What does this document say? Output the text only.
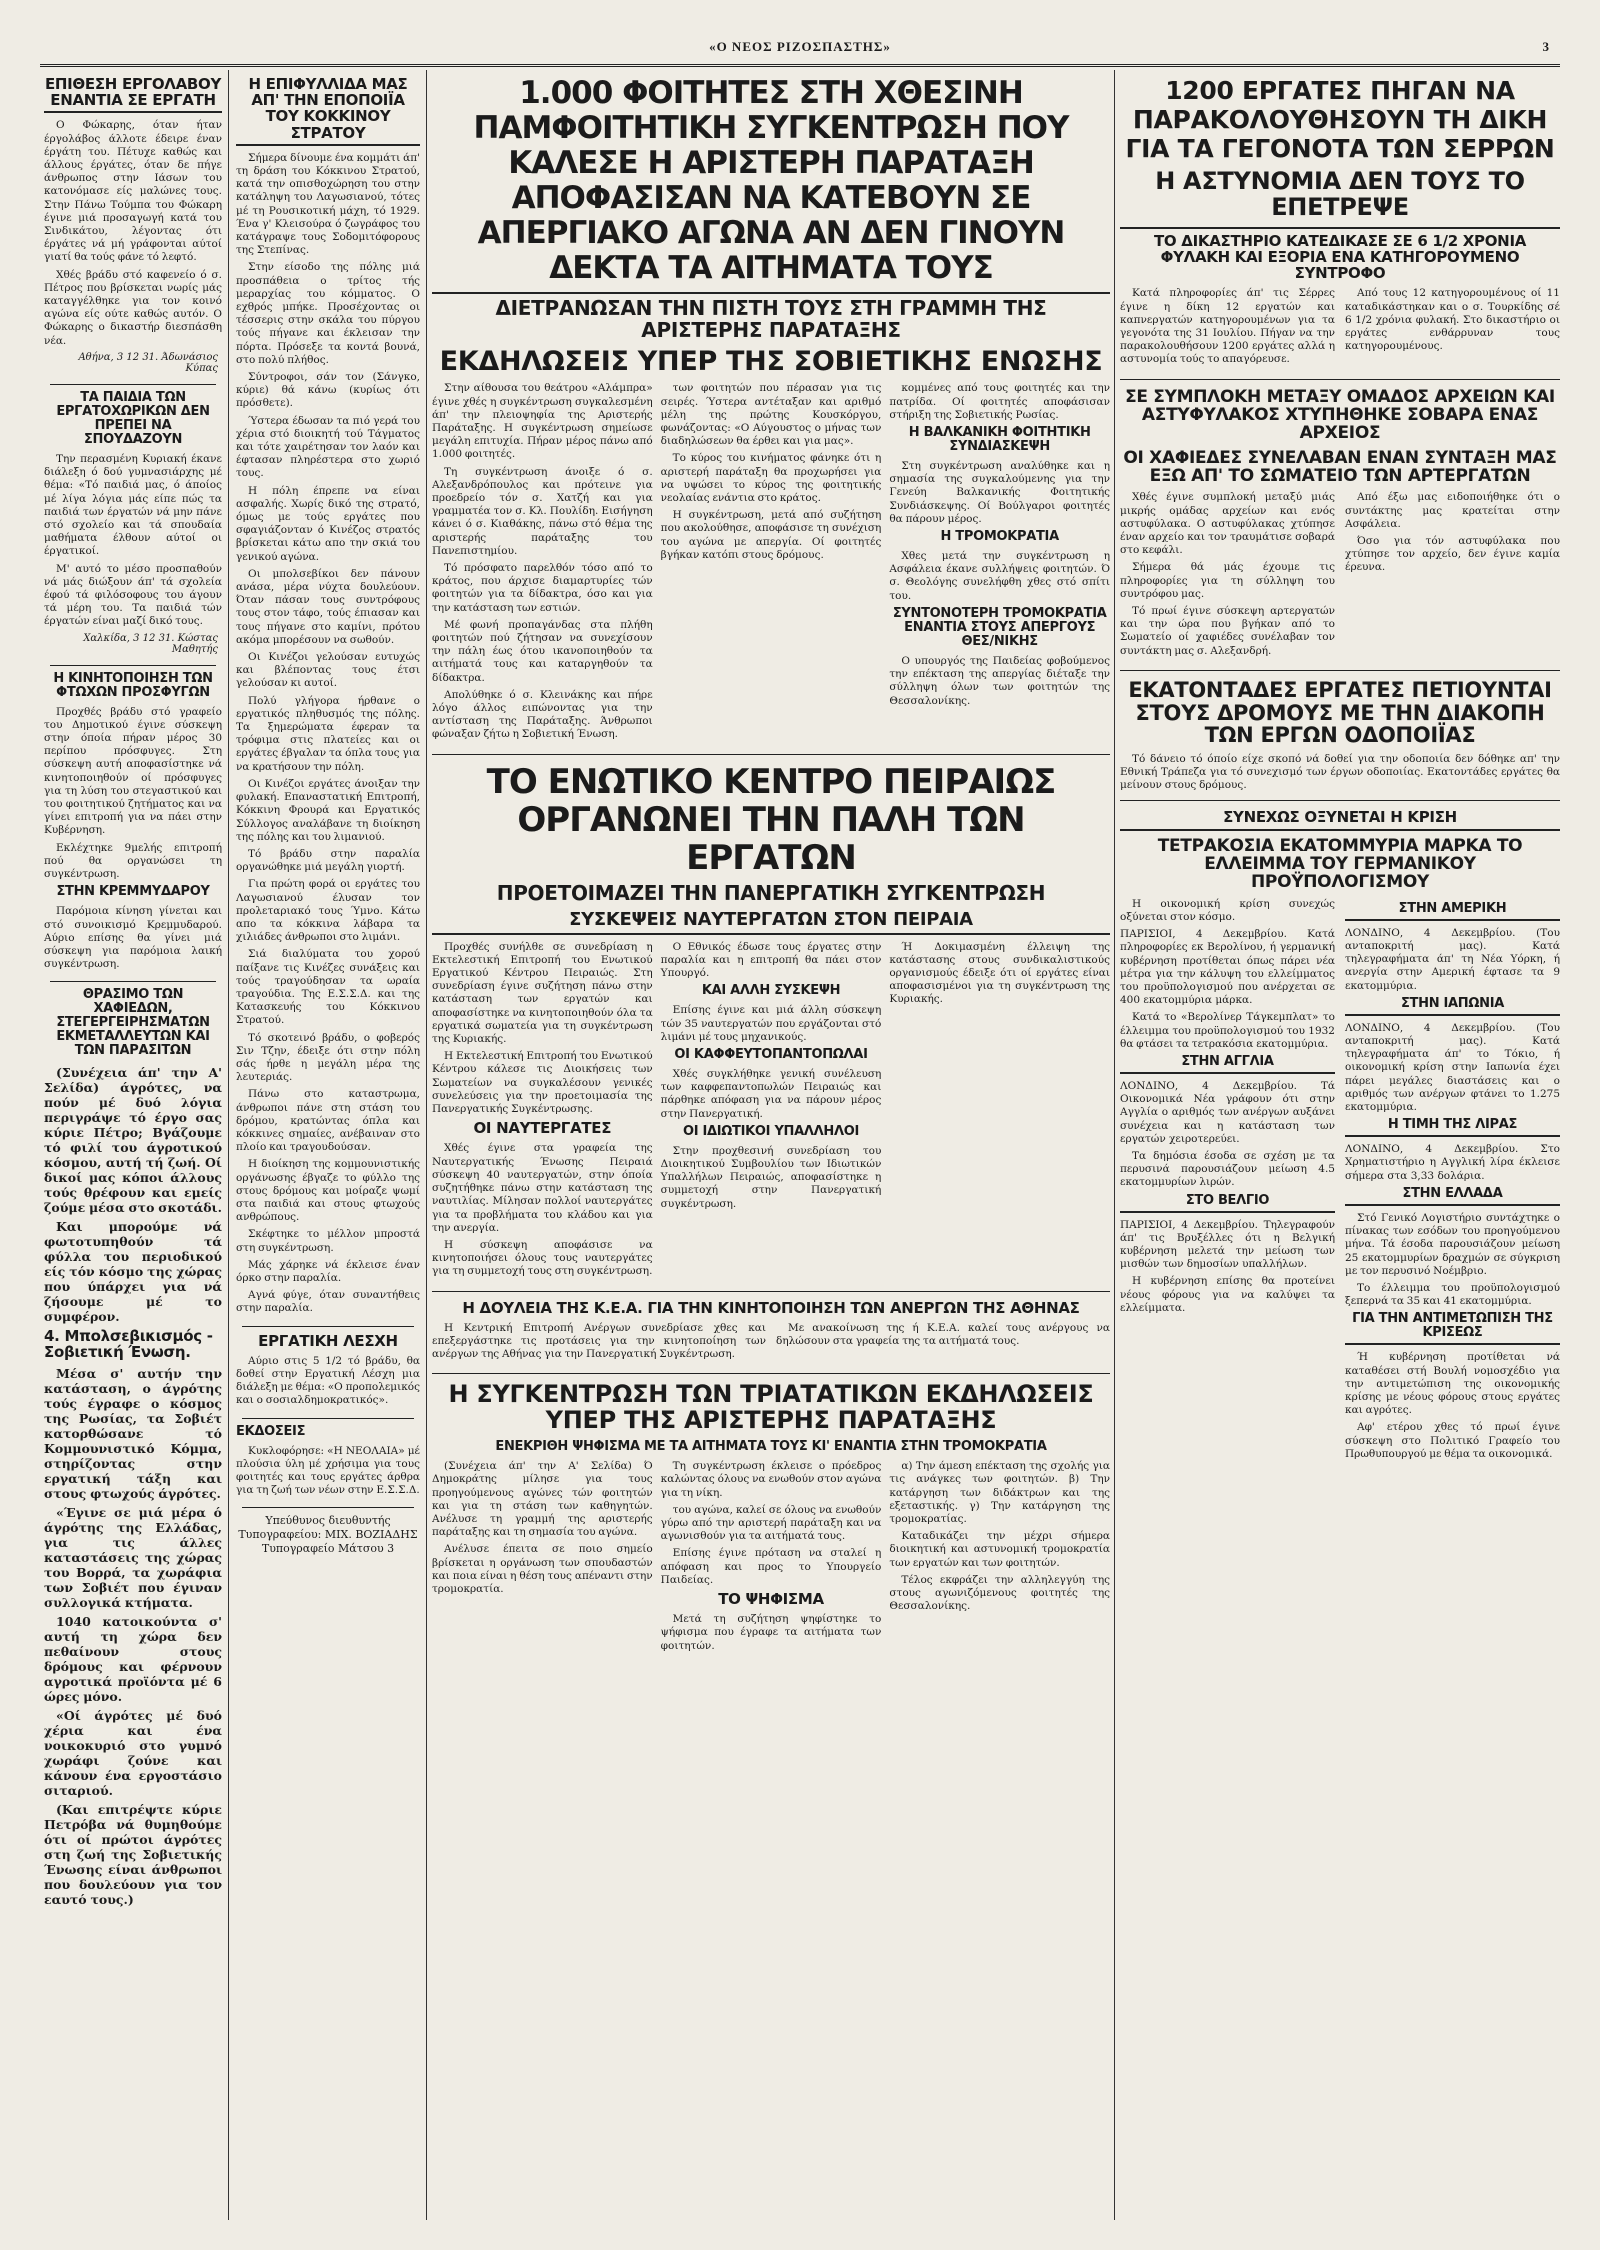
«Ο ΝΕΟΣ ΡΙΖΟΣΠΑΣΤΗΣ»	3
ΕΠΙΘΕΣΗ ΕΡΓΟΛΑΒΟΥ ΕΝΑΝΤΙΑ ΣΕ ΕΡΓΑΤΗ

Ο Φώκαρης, όταν ήταν έργολάβος άλλοτε έδειρε έναν έργάτη του. Πέτυχε καθώς και άλλους έργάτες, όταν δε πήγε άνθρωπος στην Ιάσων του κατονόμασε είς μαλώνες τους. Στην Πάνω Τούμπα του Φώκαρη έγινε μιά προσαγωγή κατά του Σινδικάτου, λέγοντας ότι έργάτες νά μή γράφονται αύτοί γιατί θα τούς φάνε τό λεφτό.

Χθές βράδυ στό καφενείο ό σ. Πέτρος που βρίσκεται νωρίς μάς καταγγέλθηκε για τον κοινό αγώνα είς ούτε καθώς αυτόν. Ο Φώκαρης ο δικαστήρ διεσπάσθη νέα.

Αθήνα, 3 12 31. Άδωνάσιος Κύπας
ΤΑ ΠΑΙΔΙΑ ΤΩΝ ΕΡΓΑΤΟΧΩΡΙΚΩΝ ΔΕΝ ΠΡΕΠΕΙ ΝΑ ΣΠΟΥΔΑΖΟΥΝ

Την περασμένη Κυριακή έκανε διάλεξη ό δού γυμνασιάρχης μέ θέμα: «Τό παιδιά μας, ό άποίος μέ λίγα λόγια μάς είπε πώς τα παιδιά των έργατών νά μην πάνε στό σχολείο και τά σπουδαία μαθήματα έλθουν αύτοί οι έργατικοί.

Μ' αυτό το μέσο προσπαθούν νά μάς διώξουν άπ' τά σχολεία έφού τά φιλόσοφους του άγουν τά μέρη του. Τα παιδιά τών έργατών είναι μαζί δικό τους.

Χαλκίδα, 3 12 31. Κώστας Μαθητής
Η ΚΙΝΗΤΟΠΟΙΗΣΗ ΤΩΝ ΦΤΩΧΩΝ ΠΡΟΣΦΥΓΩΝ

Προχθές βράδυ στό γραφείο του Δημοτικού έγινε σύσκεψη στην όποία πήραν μέρος 30 περίπου πρόσφυγες. Στη σύσκεψη αυτή αποφασίστηκε νά κινητοποιηθούν οί πρόσφυγες για τη λύση του στεγαστικού και του φοιτητικού ζητήματος και να γίνει επιτροπή για να πάει στην Κυβέρνηση.

Εκλέχτηκε 9μελής επιτροπή πού θα οργανώσει τη συγκέντρωση.

ΣΤΗΝ ΚΡΕΜΜΥΔΑΡΟΥ

Παρόμοια κίνηση γίνεται και στό συνοικισμό Κρεμμυδαρού. Αύριο επίσης θα γίνει μιά σύσκεψη για παρόμοια λαική συγκέντρωση.

ΘΡΑΣΙΜΟ ΤΩΝ ΧΑΦΙΕΔΩΝ, ΣΤΕΓΕΡΓΕΙΡΗΣΜΑΤΩΝ ΕΚΜΕΤΑΛΛΕΥΤΩΝ ΚΑΙ ΤΩΝ ΠΑΡΑΣΙΤΩΝ

(Συνέχεια άπ' την Α' Σελίδα) άγρότες, να πούν μέ δυό λόγια περιγράψε τό έργο σας κύριε Πέτρο; Βγάζουμε τό φιλί του άγροτικού κόσμου, αυτή τή ζωή. Οί δικοί μας κόποι άλλους τούς θρέφουν και εμείς ζούμε μέσα στο σκοτάδι.

Και μπορούμε νά φωτοτυπηθούν τά φύλλα του περιοδικού είς τόν κόσμο της χώρας που ύπάρχει για νά ζήσουμε μέ το συμφέρον.

4. Μπολσεβικισμός - Σοβιετική Ένωση.

Μέσα σ' αυτήν την κατάσταση, ο άγρότης τούς έγραφε ο κόσμος της Ρωσίας, τα Σοβιέτ κατορθώσανε τό Κομμουνιστικό Κόμμα, στηρίζοντας στην εργατική τάξη και στους φτωχούς άγρότες.

«Έγινε σε μιά μέρα ό άγρότης της Ελλάδας, για τις άλλες καταστάσεις της χώρας του Βορρά, τα χωράφια των Σοβιέτ που έγιναν συλλογικά κτήματα.

1040 κατοικούντα σ' αυτή τη χώρα δεν πεθαίνουν στους δρόμους και φέρνουν αγροτικά προϊόντα μέ 6 ώρες μόνο.

«Οί άγρότες μέ δυό χέρια και ένα νοικοκυριό στο γυμνό χωράφι ζούνε και κάνουν ένα εργοστάσιο σιταριού.

(Και επιτρέψτε κύριε Πετρόβα νά θυμηθούμε ότι οί πρώτοι άγρότες στη ζωή της Σοβιετικής Ένωσης είναι άνθρωποι που δουλεύουν για τον εαυτό τους.)

Η ΕΠΙΦΥΛΛΙΔΑ ΜΑΣ ΑΠ' ΤΗΝ ΕΠΟΠΟΙΪΑ ΤΟΥ ΚΟΚΚΙΝΟΥ ΣΤΡΑΤΟΥ

Σήμερα δίνουμε ένα κομμάτι άπ' τη δράση του Κόκκινου Στρατού, κατά την οπισθοχώρηση του στην κατάληψη του Λαγωσιανού, τότες μέ τη Ρουσικοτική μάχη, τό 1929. Ένα γ' Κλεισούρα ό ζωγράφος του κατάγραψε τους Σοδομιτόφορους της Στεπίνας.

Στην είσοδο της πόλης μιά προσπάθεια ο τρίτος τής μεραρχίας του κόμματος. Ο εχθρός μπήκε. Προσέχοντας οι τέσσερις στην σκάλα του πύργου τούς πήγανε και έκλεισαν την πόρτα. Πρόσεξε τα κοντά βουνά, στο πολύ πλήθος.

Σύντροφοι, σάν τον (Σάνγκο, κύριε) θά κάνω (κυρίως ότι πρόσθετε).

Ύστερα έδωσαν τα πιό γερά του χέρια στό διοικητή τού Τάγματος και τότε χαιρέτησαν τον λαόν και έφτασαν πληρέστερα στο χωριό τους.

Η πόλη έπρεπε να είναι ασφαλής. Χωρίς δικό της στρατό, όμως με τούς εργάτες που σφαγιάζονταν ό Κινέζος στρατός βρίσκεται κάτω απο την σκιά του γενικού αγώνα.

Οι μπολσεβίκοι δεν πάνουν ανάσα, μέρα νύχτα δουλεύουν. Όταν πάσαν τους συντρόφους τους στον τάφο, τούς έπιασαν και τους πήγανε στο καμίνι, πρότου ακόμα μπορέσουν να σωθούν.

Οι Κινέζοι γελούσαν ευτυχώς και βλέποντας τους έτσι γελούσαν κι αυτοί.

Πολύ γλήγορα ήρθανε ο εργατικός πληθυσμός της πόλης. Τα ξημερώματα έφεραν τα τρόφιμα στις πλατείες και οι εργάτες έβγαλαν τα όπλα τους για να κρατήσουν την πόλη.

Οι Κινέζοι εργάτες άνοιξαν την φυλακή. Επαναστατική Επιτροπή, Κόκκινη Φρουρά και Εργατικός Σύλλογος αναλάβανε τη διοίκηση της πόλης και του λιμανιού.

Τό βράδυ στην παραλία οργανώθηκε μιά μεγάλη γιορτή.

Για πρώτη φορά οι εργάτες του Λαγωσιανού έλυσαν τον προλεταριακό τους Ύμνο. Κάτω απο τα κόκκινα λάβαρα τα χιλιάδες άνθρωποι στο λιμάνι.

Σιά διαλύματα του χορού παίξανε τις Κινέζες συνάξεις και τούς τραγούδησαν τα ωραία τραγούδια. Της Ε.Σ.Σ.Δ. και της Κατασκευής του Κόκκινου Στρατού.

Τό σκοτεινό βράδυ, ο φοβερός Σιν Τζην, έδειξε ότι στην πόλη σάς ήρθε η μεγάλη μέρα της λευτεριάς.

Πάνω στο καταστρωμα, άνθρωποι πάνε στη στάση του δρόμου, κρατώντας όπλα και κόκκινες σημαίες, ανέβαιναν στο πλοίο και τραγουδούσαν.

Η διοίκηση της κομμουνιστικής οργάνωσης έβγαζε το φύλλο της στους δρόμους και μοίραζε ψωμί στα παιδιά και στους φτωχούς ανθρώπους.

Σκέφτηκε το μέλλον μπροστά στη συγκέντρωση.

Μάς χάρηκε νά έκλεισε έναν όρκο στην παραλία.

Αγνά φύγε, όταν συναντήθεις στην παραλία.

ΕΡΓΑΤΙΚΗ ΛΕΣΧΗ

Αύριο στις 5 1/2 τό βράδυ, θα δοθεί στην Εργατική Λέσχη μια διάλεξη με θέμα: «Ο προπολεμικός και ο σοσιαλδημοκρατικός».

ΕΚΔΟΣΕΙΣ

Κυκλοφόρησε: «Η ΝΕΟΛΑΙΑ» μέ πλούσια ύλη μέ χρήσιμα για τους φοιτητές και τους εργάτες άρθρα για τη ζωή των νέων στην Ε.Σ.Σ.Δ.

Υπεύθυνος διευθυντής Τυπογραφείου: ΜΙΧ. ΒΟΖΙΑΔΗΣ
Τυπογραφείο Μάτσου 3
1.000 ΦΟΙΤΗΤΕΣ ΣΤΗ ΧΘΕΣΙΝΗ ΠΑΜΦΟΙΤΗΤΙΚΗ ΣΥΓΚΕΝΤΡΩΣΗ ΠΟΥ ΚΑΛΕΣΕ Η ΑΡΙΣΤΕΡΗ ΠΑΡΑΤΑΞΗ ΑΠΟΦΑΣΙΣΑΝ ΝΑ ΚΑΤΕΒΟΥΝ ΣΕ ΑΠΕΡΓΙΑΚΟ ΑΓΩΝΑ ΑΝ ΔΕΝ ΓΙΝΟΥΝ ΔΕΚΤΑ ΤΑ ΑΙΤΗΜΑΤΑ ΤΟΥΣ
ΔΙΕΤΡΑΝΩΣΑΝ ΤΗΝ ΠΙΣΤΗ ΤΟΥΣ ΣΤΗ ΓΡΑΜΜΗ ΤΗΣ ΑΡΙΣΤΕΡΗΣ ΠΑΡΑΤΑΞΗΣ
ΕΚΔΗΛΩΣΕΙΣ ΥΠΕΡ ΤΗΣ ΣΟΒΙΕΤΙΚΗΣ ΕΝΩΣΗΣ

Στην αίθουσα του θεάτρου «Αλάμπρα» έγινε χθές η συγκέντρωση συγκαλεσμένη άπ' την πλειοψηφία της Αριστερής Παράταξης. Η συγκέντρωση σημείωσε μεγάλη επιτυχία. Πήραν μέρος πάνω από 1.000 φοιτητές.

Τη συγκέντρωση άνοιξε ό σ. Αλεξανδρόπουλος και πρότεινε για προεδρείο τόν σ. Χατζή και για γραμματέα τον σ. Κλ. Πουλίδη. Εισήγηση κάνει ό σ. Κιαθάκης, πάνω στό θέμα της αριστερής παράταξης του Πανεπιστημίου.

Τό πρόσφατο παρελθόν τόσο από το κράτος, που άρχισε διαμαρτυρίες τών φοιτητών για τα δίδακτρα, όσο και για την κατάσταση των εστιών.

Μέ φωνή προπαγάνδας στα πλήθη φοιτητών πού ζήτησαν να συνεχίσουν την πάλη έως ότου ικανοποιηθούν τα αιτήματά τους και καταργηθούν τα δίδακτρα.

Απολύθηκε ό σ. Κλεινάκης και πήρε λόγο άλλος ειπώνοντας για την αντίσταση της Παράταξης. Άνθρωποι φώναξαν ζήτω η Σοβιετική Ένωση.

των φοιτητών που πέρασαν για τις σειρές. Ύστερα αντέταξαν και αριθμό μέλη της πρώτης Κουσκόργου, φωνάζοντας: «Ο Αύγουστος ο μήνας των διαδηλώσεων θα έρθει και για μας».

Το κύρος του κινήματος φάνηκε ότι η αριστερή παράταξη θα προχωρήσει για να υψώσει το κύρος της φοιτητικής νεολαίας ενάντια στο κράτος.

Η συγκέντρωση, μετά από συζήτηση που ακολούθησε, αποφάσισε τη συνέχιση του αγώνα με απεργία. Οί φοιτητές βγήκαν κατόπι στους δρόμους.

κομμένες από τους φοιτητές και την πατρίδα. Οί φοιτητές αποφάσισαν στήριξη της Σοβιετικής Ρωσίας.

Η ΒΑΛΚΑΝΙΚΗ ΦΟΙΤΗΤΙΚΗ ΣΥΝΔΙΑΣΚΕΨΗ

Στη συγκέντρωση αναλύθηκε και η σημασία της συγκαλούμενης για την Γενεύη Βαλκανικής Φοιτητικής Συνδιάσκεψης. Οί Βούλγαροι φοιτητές θα πάρουν μέρος.

Η ΤΡΟΜΟΚΡΑΤΙΑ

Χθες μετά την συγκέντρωση η Ασφάλεια έκανε συλλήψεις φοιτητών. Ό σ. Θεολόγης συνελήφθη χθες στό σπίτι του.

ΣΥΝΤΟΝΟΤΕΡΗ ΤΡΟΜΟΚΡΑΤΙΑ ΕΝΑΝΤΙΑ ΣΤΟΥΣ ΑΠΕΡΓΟΥΣ ΘΕΣ/ΝΙΚΗΣ

Ο υπουργός της Παιδείας φοβούμενος την επέκταση της απεργίας διέταξε την σύλληψη όλων των φοιτητών της Θεσσαλονίκης.

ΤΟ ΕΝΩΤΙΚΟ ΚΕΝΤΡΟ ΠΕΙΡΑΙΩΣ ΟΡΓΑΝΩΝΕΙ ΤΗΝ ΠΑΛΗ ΤΩΝ ΕΡΓΑΤΩΝ
ΠΡΟΕΤΟΙΜΑΖΕΙ ΤΗΝ ΠΑΝΕΡΓΑΤΙΚΗ ΣΥΓΚΕΝΤΡΩΣΗ
ΣΥΣΚΕΨΕΙΣ ΝΑΥΤΕΡΓΑΤΩΝ ΣΤΟΝ ΠΕΙΡΑΙΑ

Προχθές συνήλθε σε συνεδρίαση η Εκτελεστική Επιτροπή του Ενωτικού Εργατικού Κέντρου Πειραιώς. Στη συνεδρίαση έγινε συζήτηση πάνω στην κατάσταση των εργατών και αποφασίστηκε να κινητοποιηθούν όλα τα εργατικά σωματεία για τη συγκέντρωση της Κυριακής.

Η Εκτελεστική Επιτροπή του Ενωτικού Κέντρου κάλεσε τις Διοικήσεις των Σωματείων να συγκαλέσουν γενικές συνελεύσεις για την προετοιμασία της Πανεργατικής Συγκέντρωσης.

ΟΙ ΝΑΥΤΕΡΓΑΤΕΣ

Χθές έγινε στα γραφεία της Ναυτεργατικής Ένωσης Πειραιά σύσκεψη 40 ναυτεργατών, στην όποία συζητήθηκε πάνω στην κατάσταση της ναυτιλίας. Μίλησαν πολλοί ναυτεργάτες για τα προβλήματα του κλάδου και για την ανεργία.

Η σύσκεψη αποφάσισε να κινητοποιήσει όλους τους ναυτεργάτες για τη συμμετοχή τους στη συγκέντρωση.

Ο Εθνικός έδωσε τους έργατες στην παραλία και η επιτροπή θα πάει στον Υπουργό.

ΚΑΙ ΑΛΛΗ ΣΥΣΚΕΨΗ

Επίσης έγινε και μιά άλλη σύσκεψη τών 35 ναυτεργατών που εργάζονται στό λιμάνι μέ τους μηχανικούς.

ΟΙ ΚΑΦΦΕΥΤΟΠΑΝΤΟΠΩΛΑΙ

Χθές συγκλήθηκε γενική συνέλευση των καφφεπαντοπωλών Πειραιώς και πάρθηκε απόφαση για να πάρουν μέρος στην Πανεργατική.

ΟΙ ΙΔΙΩΤΙΚΟΙ ΥΠΑΛΛΗΛΟΙ

Στην προχθεσινή συνεδρίαση του Διοικητικού Συμβουλίου των Ιδιωτικών Υπαλλήλων Πειραιώς, αποφασίστηκε η συμμετοχή στην Πανεργατική συγκέντρωση.

Ή Δοκιμασμένη έλλειψη της κατάστασης στους συνδικαλιστικούς οργανισμούς έδειξε ότι οί εργάτες είναι αποφασισμένοι για τη συγκέντρωση της Κυριακής.

Η ΔΟΥΛΕΙΑ ΤΗΣ Κ.Ε.Α. ΓΙΑ ΤΗΝ ΚΙΝΗΤΟΠΟΙΗΣΗ ΤΩΝ ΑΝΕΡΓΩΝ ΤΗΣ ΑΘΗΝΑΣ

Η Κεντρική Επιτροπή Ανέργων συνεδρίασε χθες και επεξεργάστηκε τις προτάσεις για την κινητοποίηση των ανέργων της Αθήνας για την Πανεργατική Συγκέντρωση.

Με ανακοίνωση της ή Κ.Ε.Α. καλεί τους ανέργους να δηλώσουν στα γραφεία της τα αιτήματά τους.

Η ΣΥΓΚΕΝΤΡΩΣΗ ΤΩΝ ΤΡΙΑΤΑΤΙΚΩΝ ΕΚΔΗΛΩΣΕΙΣ ΥΠΕΡ ΤΗΣ ΑΡΙΣΤΕΡΗΣ ΠΑΡΑΤΑΞΗΣ
ΕΝΕΚΡΙΘΗ ΨΗΦΙΣΜΑ ΜΕ ΤΑ ΑΙΤΗΜΑΤΑ ΤΟΥΣ ΚΙ' ΕΝΑΝΤΙΑ ΣΤΗΝ ΤΡΟΜΟΚΡΑΤΙΑ

(Συνέχεια άπ' την Α' Σελίδα) Ό Δημοκράτης μίλησε για τους προηγούμενους αγώνες τών φοιτητών και για τη στάση των καθηγητών. Ανέλυσε τη γραμμή της αριστερής παράταξης και τη σημασία του αγώνα.

Ανέλυσε έπειτα σε ποιο σημείο βρίσκεται η οργάνωση των σπουδαστών και ποια είναι η θέση τους απέναντι στην τρομοκρατία.

Τη συγκέντρωση έκλεισε ο πρόεδρος καλώντας όλους να ενωθούν στον αγώνα για τη νίκη.

του αγώνα, καλεί σε όλους να ενωθούν γύρω από την αριστερή παράταξη και να αγωνισθούν για τα αιτήματά τους.

Επίσης έγινε πρόταση να σταλεί η απόφαση και προς το Υπουργείο Παιδείας.

ΤΟ ΨΗΦΙΣΜΑ

Μετά τη συζήτηση ψηφίστηκε το ψήφισμα που έγραφε τα αιτήματα των φοιτητών.

α) Την άμεση επέκταση της σχολής για τις ανάγκες των φοιτητών. β) Την κατάργηση των διδάκτρων και της εξεταστικής. γ) Την κατάργηση της τρομοκρατίας.

Καταδικάζει την μέχρι σήμερα διοικητική και αστυνομική τρομοκρατία των εργατών και των φοιτητών.

Τέλος εκφράζει την αλληλεγγύη της στους αγωνιζόμενους φοιτητές της Θεσσαλονίκης.

1200 ΕΡΓΑΤΕΣ ΠΗΓΑΝ ΝΑ ΠΑΡΑΚΟΛΟΥΘΗΣΟΥΝ ΤΗ ΔΙΚΗ ΓΙΑ ΤΑ ΓΕΓΟΝΟΤΑ ΤΩΝ ΣΕΡΡΩΝ
Η ΑΣΤΥΝΟΜΙΑ ΔΕΝ ΤΟΥΣ ΤΟ ΕΠΕΤΡΕΨΕ
ΤΟ ΔΙΚΑΣΤΗΡΙΟ ΚΑΤΕΔΙΚΑΣΕ ΣΕ 6 1/2 ΧΡΟΝΙΑ ΦΥΛΑΚΗ ΚΑΙ ΕΞΟΡΙΑ ΕΝΑ ΚΑΤΗΓΟΡΟΥΜΕΝΟ ΣΥΝΤΡΟΦΟ

Κατά πληροφορίες άπ' τις Σέρρες έγινε η δίκη 12 εργατών και καπνεργατών κατηγορουμένων για τα γεγονότα της 31 Ιουλίου. Πήγαν να την παρακολουθήσουν 1200 εργάτες αλλά η αστυνομία τούς το απαγόρευσε.

Από τους 12 κατηγορουμένους οί 11 καταδικάστηκαν και ο σ. Τουρκίδης σέ 6 1/2 χρόνια φυλακή. Στο δικαστήριο οι εργάτες ενθάρρυναν τους κατηγορουμένους.

ΣΕ ΣΥΜΠΛΟΚΗ ΜΕΤΑΞΥ ΟΜΑΔΟΣ ΑΡΧΕΙΩΝ ΚΑΙ ΑΣΤΥΦΥΛΑΚΟΣ ΧΤΥΠΗΘΗΚΕ ΣΟΒΑΡΑ ΕΝΑΣ ΑΡΧΕΙΟΣ
ΟΙ ΧΑΦΙΕΔΕΣ ΣΥΝΕΛΑΒΑΝ ΕΝΑΝ ΣΥΝΤΑΞΗ ΜΑΣ ΕΞΩ ΑΠ' ΤΟ ΣΩΜΑΤΕΙΟ ΤΩΝ ΑΡΤΕΡΓΑΤΩΝ

Χθές έγινε συμπλοκή μεταξύ μιάς μικρής ομάδας αρχείων και ενός αστυφύλακα. Ο αστυφύλακας χτύπησε έναν αρχείο και τον τραυμάτισε σοβαρά στο κεφάλι.

Σήμερα θά μάς έχουμε τις πληροφορίες για τη σύλληψη του συντρόφου μας.

Τό πρωί έγινε σύσκεψη αρτεργατών και την ώρα που βγήκαν από το Σωματείο οί χαφιέδες συνέλαβαν τον συντάκτη μας σ. Αλεξανδρή.

Από έξω μας ειδοποιήθηκε ότι ο συντάκτης μας κρατείται στην Ασφάλεια.

Όσο για τόν αστυφύλακα που χτύπησε τον αρχείο, δεν έγινε καμία έρευνα.

ΕΚΑΤΟΝΤΑΔΕΣ ΕΡΓΑΤΕΣ ΠΕΤΙΟΥΝΤΑΙ ΣΤΟΥΣ ΔΡΟΜΟΥΣ ΜΕ ΤΗΝ ΔΙΑΚΟΠΗ ΤΩΝ ΕΡΓΩΝ ΟΔΟΠΟΙΪΑΣ

Τό δάνειο τό όποίο είχε σκοπό νά δοθεί για την οδοποιία δεν δόθηκε απ' την Εθνική Τράπεζα για τό συνεχισμό των έργων οδοποιίας. Εκατοντάδες εργάτες θα μείνουν στους δρόμους.

ΣΥΝΕΧΩΣ ΟΞΥΝΕΤΑΙ Η ΚΡΙΣΗ
ΤΕΤΡΑΚΟΣΙΑ ΕΚΑΤΟΜΜΥΡΙΑ ΜΑΡΚΑ ΤΟ ΕΛΛΕΙΜΜΑ ΤΟΥ ΓΕΡΜΑΝΙΚΟΥ ΠΡΟΫΠΟΛΟΓΙΣΜΟΥ

Η οικονομική κρίση συνεχώς οξύνεται στον κόσμο.

ΠΑΡΙΣΙΟΙ, 4 Δεκεμβρίου. Κατά πληροφορίες εκ Βερολίνου, ή γερμανική κυβέρνηση προτίθεται όπως πάρει νέα μέτρα για την κάλυψη του ελλείμματος του προϋπολογισμού που ανέρχεται σε 400 εκατομμύρια μάρκα.

Κατά το «Βερολίνερ Τάγκεμπλατ» το έλλειμμα του προϋπολογισμού του 1932 θα φτάσει τα τετρακόσια εκατομμύρια.

ΣΤΗΝ ΑΓΓΛΙΑ

ΛΟΝΔΙΝΟ, 4 Δεκεμβρίου. Τά Οικονομικά Νέα γράφουν ότι στην Αγγλία ο αριθμός των ανέργων αυξάνει συνέχεια και η κατάσταση των εργατών χειροτερεύει.

Τα δημόσια έσοδα σε σχέση με τα περυσινά παρουσιάζουν μείωση 4.5 εκατομμυρίων λιρών.

ΣΤΟ ΒΕΛΓΙΟ

ΠΑΡΙΣΙΟΙ, 4 Δεκεμβρίου. Τηλεγραφούν άπ' τις Βρυξέλλες ότι η Βελγική κυβέρνηση μελετά την μείωση των μισθών των δημοσίων υπαλλήλων.

Η κυβέρνηση επίσης θα προτείνει νέους φόρους για να καλύψει τα ελλείμματα.

ΣΤΗΝ ΑΜΕΡΙΚΗ

ΛΟΝΔΙΝΟ, 4 Δεκεμβρίου. (Του ανταποκριτή μας). Κατά τηλεγραφήματα άπ' τη Νέα Υόρκη, ή ανεργία στην Αμερική έφτασε τα 9 εκατομμύρια.

ΣΤΗΝ ΙΑΠΩΝΙΑ

ΛΟΝΔΙΝΟ, 4 Δεκεμβρίου. (Του ανταποκριτή μας). Κατά τηλεγραφήματα άπ' το Τόκιο, ή οικονομική κρίση στην Ιαπωνία έχει πάρει μεγάλες διαστάσεις και ο αριθμός των ανέργων φτάνει το 1.275 εκατομμύρια.

Η ΤΙΜΗ ΤΗΣ ΛΙΡΑΣ

ΛΟΝΔΙΝΟ, 4 Δεκεμβρίου. Στο Χρηματιστήριο η Αγγλική λίρα έκλεισε σήμερα στα 3,33 δολάρια.

ΣΤΗΝ ΕΛΛΑΔΑ

Στό Γενικό Λογιστήριο συντάχτηκε ο πίνακας των εσόδων του προηγούμενου μήνα. Τά έσοδα παρουσιάζουν μείωση 25 εκατομμυρίων δραχμών σε σύγκριση με τον περυσινό Νοέμβριο.

Το έλλειμμα του προϋπολογισμού ξεπερνά τα 35 και 41 εκατομμύρια.

ΓΙΑ ΤΗΝ ΑΝΤΙΜΕΤΩΠΙΣΗ ΤΗΣ ΚΡΙΣΕΩΣ

Ή κυβέρνηση προτίθεται νά καταθέσει στή Βουλή νομοσχέδιο για την αντιμετώπιση της οικονομικής κρίσης με νέους φόρους στους εργάτες και αγρότες.

Αφ' ετέρου χθες τό πρωί έγινε σύσκεψη στο Πολιτικό Γραφείο του Πρωθυπουργού με θέμα τα οικονομικά.
